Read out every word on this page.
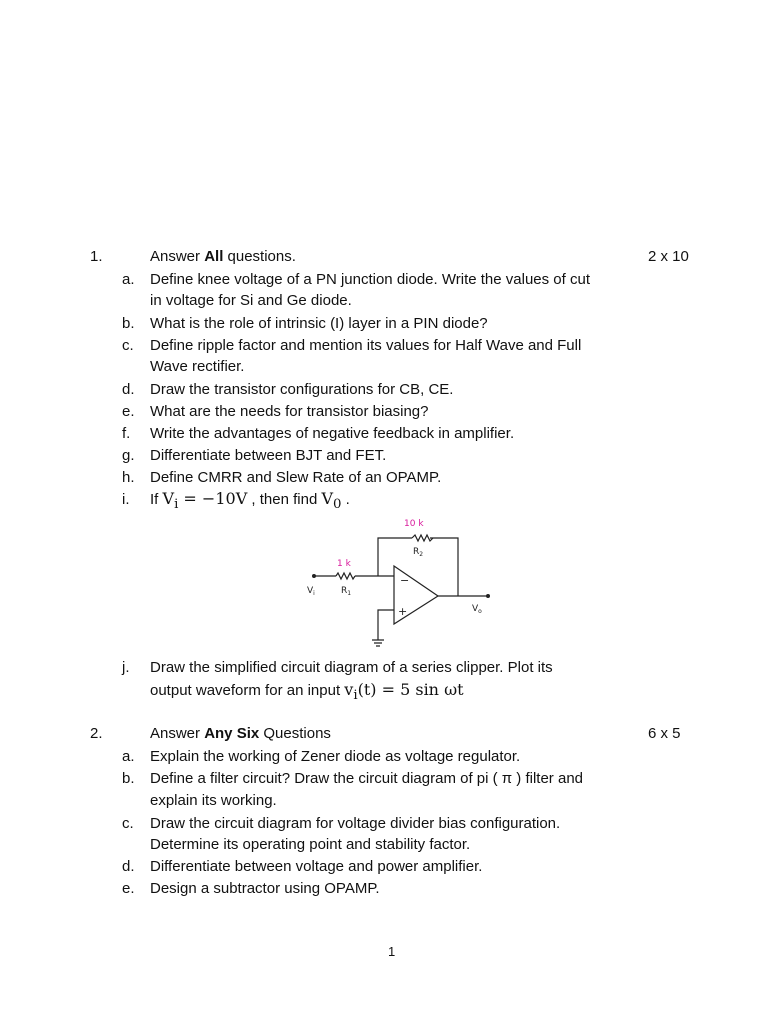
1.	Answer All questions.	2 x 10
a. Define knee voltage of a PN junction diode. Write the values of cut
in voltage for Si and Ge diode.
b. What is the role of intrinsic (I) layer in a PIN diode?
c. Define ripple factor and mention its values for Half Wave and Full
Wave rectifier.
d. Draw the transistor configurations for CB, CE.
e. What are the needs for transistor biasing?
f. Write the advantages of negative feedback in amplifier.
g. Differentiate between BJT and FET.
h. Define CMRR and Slew Rate of an OPAMP.
i. If $V_i = -10V$ , then find $V_0$ .
−
+
10 k
$R_2$
1 k
$R_1$
$V_i$
$V_o$
j. Draw the simplified circuit diagram of a series clipper. Plot its
output waveform for an input $v_i(t) = 5$ sin ωt
2.	Answer Any Six Questions	6 x 5
a. Explain the working of Zener diode as voltage regulator.
b. Define a filter circuit? Draw the circuit diagram of pi ( π ) filter and
explain its working.
c. Draw the circuit diagram for voltage divider bias configuration.
Determine its operating point and stability factor.
d. Differentiate between voltage and power amplifier.
e. Design a subtractor using OPAMP.
1
